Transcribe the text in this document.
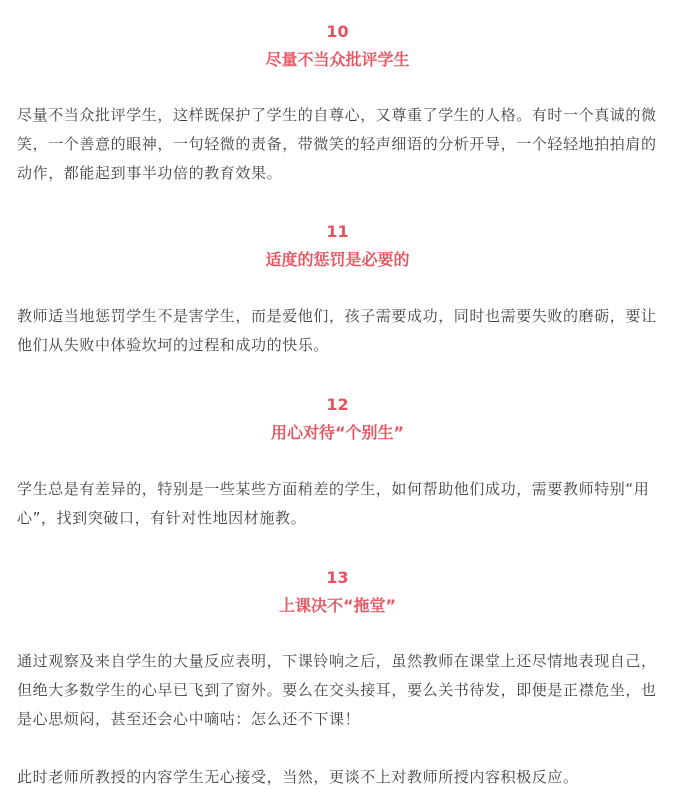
10
尽量不当众批评学生

尽量不当众批评学生，这样既保护了学生的自尊心，又尊重了学生的人格。有时一个真诚的微笑，一个善意的眼神，一句轻微的责备，带微笑的轻声细语的分析开导，一个轻轻地拍拍肩的动作，都能起到事半功倍的教育效果。

11
适度的惩罚是必要的

教师适当地惩罚学生不是害学生，而是爱他们，孩子需要成功，同时也需要失败的磨砺，要让他们从失败中体验坎坷的过程和成功的快乐。

12
用心对待“个别生”

学生总是有差异的，特别是一些某些方面稍差的学生，如何帮助他们成功，需要教师特别“用心”，找到突破口，有针对性地因材施教。

13
上课决不“拖堂”

通过观察及来自学生的大量反应表明，下课铃响之后，虽然教师在课堂上还尽情地表现自己，但绝大多数学生的心早已飞到了窗外。要么在交头接耳，要么关书待发，即便是正襟危坐，也是心思烦闷，甚至还会心中嘀咕：怎么还不下课！

此时老师所教授的内容学生无心接受，当然，更谈不上对教师所授内容积极反应。
